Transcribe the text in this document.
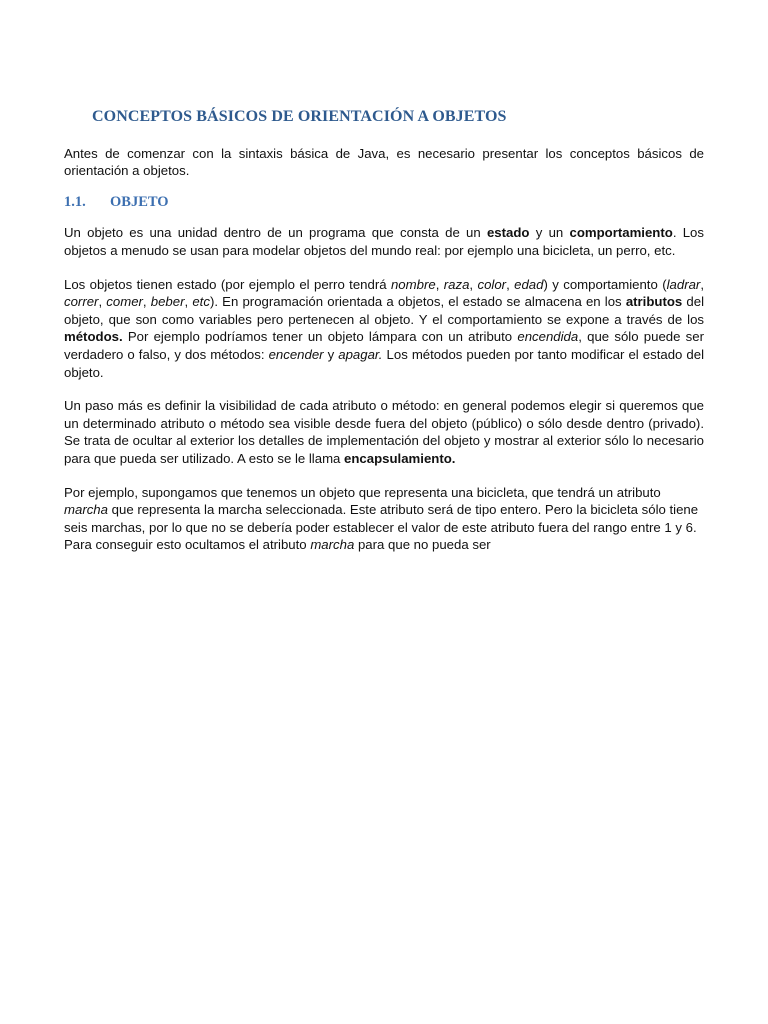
CONCEPTOS BÁSICOS DE ORIENTACIÓN A OBJETOS

Antes de comenzar con la sintaxis básica de Java, es necesario presentar los conceptos básicos de orientación a objetos.

1.1. OBJETO

Un objeto es una unidad dentro de un programa que consta de un estado y un comportamiento. Los objetos a menudo se usan para modelar objetos del mundo real: por ejemplo una bicicleta, un perro, etc.

Los objetos tienen estado (por ejemplo el perro tendrá nombre, raza, color, edad) y comportamiento (ladrar, correr, comer, beber, etc). En programación orientada a objetos, el estado se almacena en los atributos del objeto, que son como variables pero pertenecen al objeto. Y el comportamiento se expone a través de los métodos. Por ejemplo podríamos tener un objeto lámpara con un atributo encendida, que sólo puede ser verdadero o falso, y dos métodos: encender y apagar. Los métodos pueden por tanto modificar el estado del objeto.

Un paso más es definir la visibilidad de cada atributo o método: en general podemos elegir si queremos que un determinado atributo o método sea visible desde fuera del objeto (público) o sólo desde dentro (privado). Se trata de ocultar al exterior los detalles de implementación del objeto y mostrar al exterior sólo lo necesario para que pueda ser utilizado. A esto se le llama encapsulamiento.

Por ejemplo, supongamos que tenemos un objeto que representa una bicicleta, que tendrá un atributo marcha que representa la marcha seleccionada. Este atributo será de tipo entero. Pero la bicicleta sólo tiene seis marchas, por lo que no se debería poder establecer el valor de este atributo fuera del rango entre 1 y 6. Para conseguir esto ocultamos el atributo marcha para que no pueda ser
